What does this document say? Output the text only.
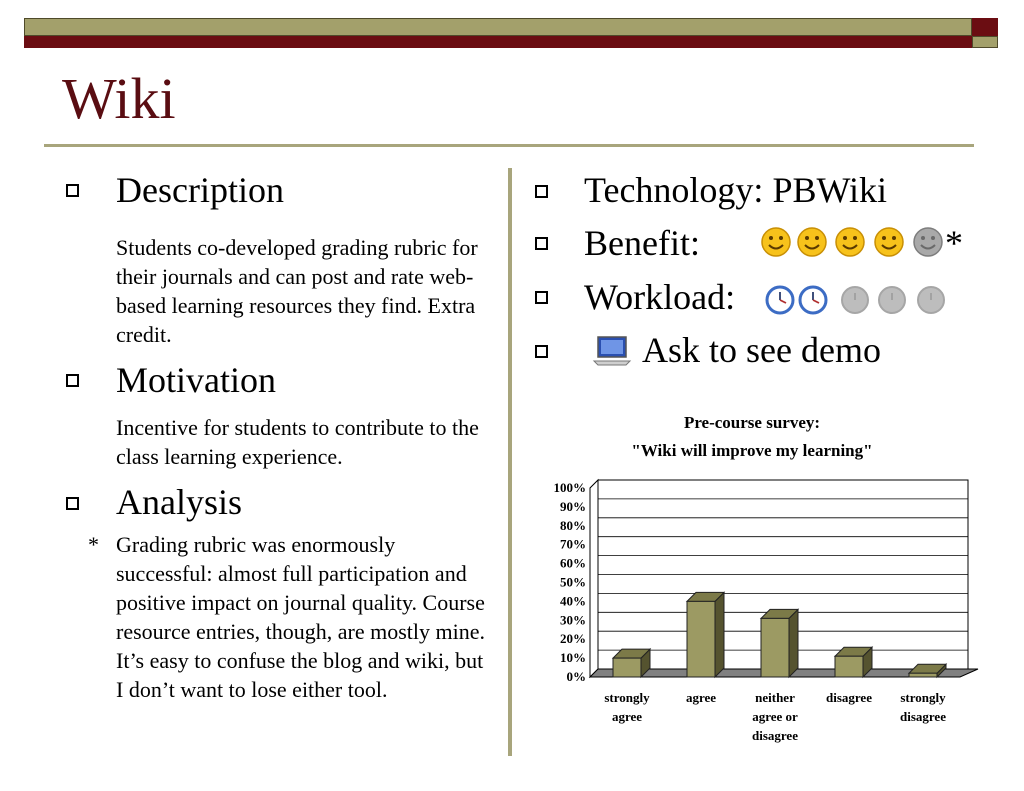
Wiki
Description
Students co-developed grading rubric for their journals and can post and rate web-based learning resources they find. Extra credit.
Motivation
Incentive for students to contribute to the class learning experience.
Analysis
* Grading rubric was enormously successful: almost full participation and positive impact on journal quality. Course resource entries, though, are mostly mine. It’s easy to confuse the blog and wiki, but I don’t want to lose either tool.
Technology: PBWiki
Benefit:	*
Workload:
Ask to see demo
Pre-course survey:
"Wiki will improve my learning"
0%
10%
20%
30%
40%
50%
60%
70%
80%
90%
100%
strongly
agree
agree	neither
agree or
disagree
disagree strongly
disagree
